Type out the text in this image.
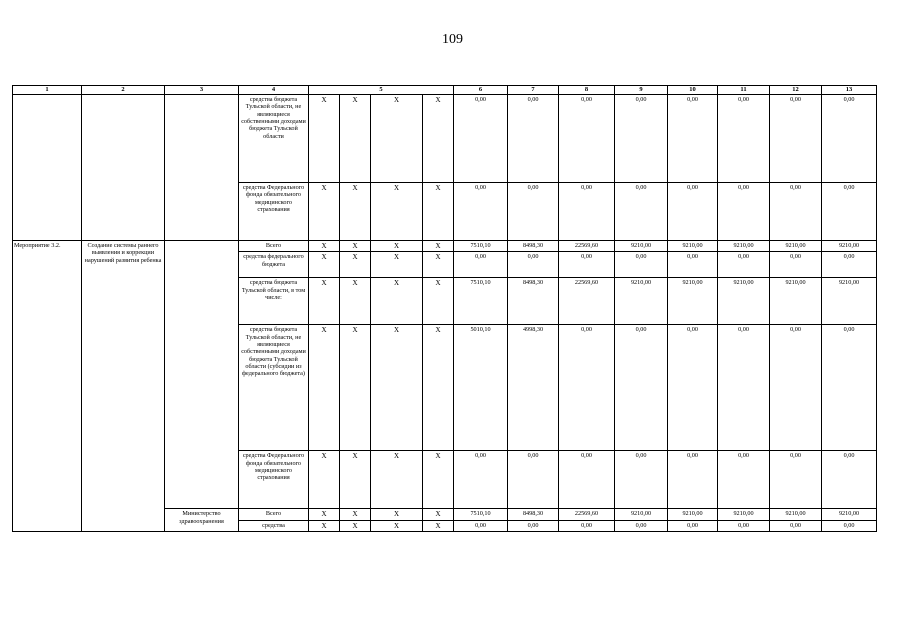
109
1	2	3	4	5				6	7	8	9	10	11	12	13
			средства бюджета Тульской области, не являющиеся собственными доходами бюджета Тульской области	Х	Х	Х	Х	0,00	0,00	0,00	0,00	0,00	0,00	0,00	0,00
			средства Федерального фонда обязательного медицинского страхования	Х	Х	Х	Х	0,00	0,00	0,00	0,00	0,00	0,00	0,00	0,00
Мероприятие 3.2.	Создание системы раннего выявления и коррекции нарушений развития ребенка		Всего	Х	Х	Х	Х	7510,10	8498,30	22569,60	9210,00	9210,00	9210,00	9210,00	9210,00
			средства федерального бюджета	Х	Х	Х	Х	0,00	0,00	0,00	0,00	0,00	0,00	0,00	0,00
			средства бюджета Тульской области, в том числе:	Х	Х	Х	Х	7510,10	8498,30	22569,60	9210,00	9210,00	9210,00	9210,00	9210,00
			средства бюджета Тульской области, не являющиеся собственными доходами бюджета Тульской области (субсидии из федерального бюджета)	Х	Х	Х	Х	5010,10	4998,30	0,00	0,00	0,00	0,00	0,00	0,00
			средства Федерального фонда обязательного медицинского страхования	Х	Х	Х	Х	0,00	0,00	0,00	0,00	0,00	0,00	0,00	0,00
		Министерство здравоохранения	Всего	Х	Х	Х	Х	7510,10	8498,30	22569,60	9210,00	9210,00	9210,00	9210,00	9210,00
			средства	Х	Х	Х	Х	0,00	0,00	0,00	0,00	0,00	0,00	0,00	0,00
